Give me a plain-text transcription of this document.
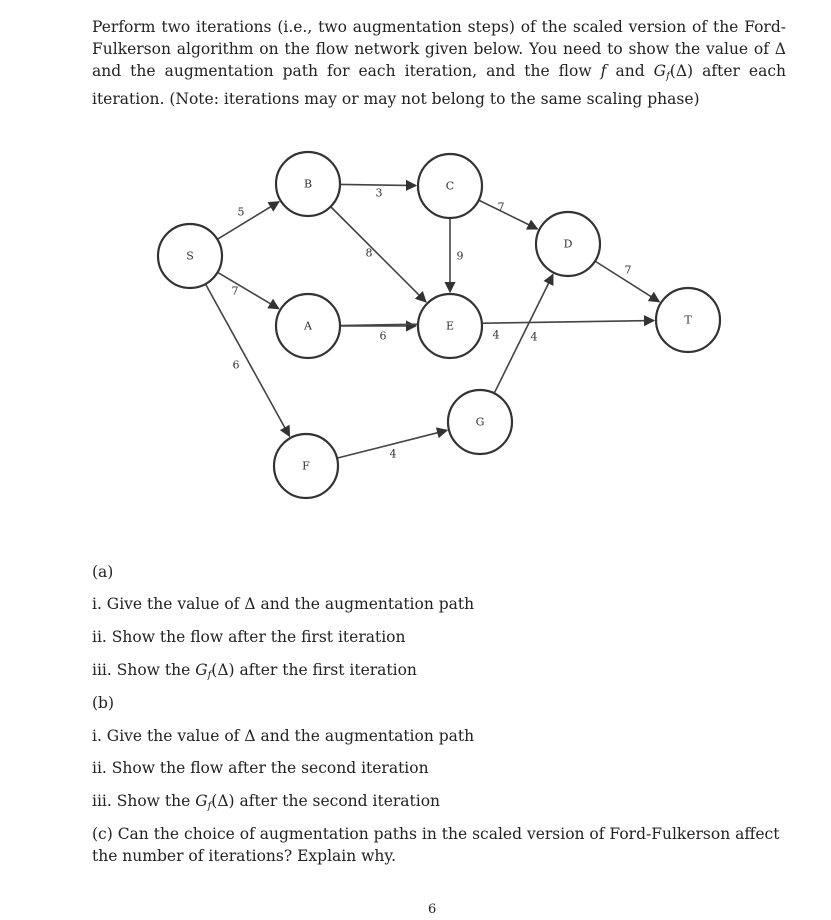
Perform two iterations (i.e., two augmentation steps) of the scaled version of the Ford- Fulkerson algorithm on the flow network given below. You need to show the value of Δ and the augmentation path for each iteration, and the flow f and $G_f(\Delta)$ after each iteration. (Note: iterations may or may not belong to the same scaling phase)
5
7
6
3
8
7
9
6	4
7
4
4
S
B	C
D
A	E	T
G
F
(a)
i. Give the value of Δ and the augmentation path
ii. Show the flow after the first iteration
iii. Show the $G_f(\Delta)$ after the first iteration
(b)
i. Give the value of Δ and the augmentation path
ii. Show the flow after the second iteration
iii. Show the $G_f(\Delta)$ after the second iteration
(c) Can the choice of augmentation paths in the scaled version of Ford-Fulkerson affect the number of iterations? Explain why.
6
